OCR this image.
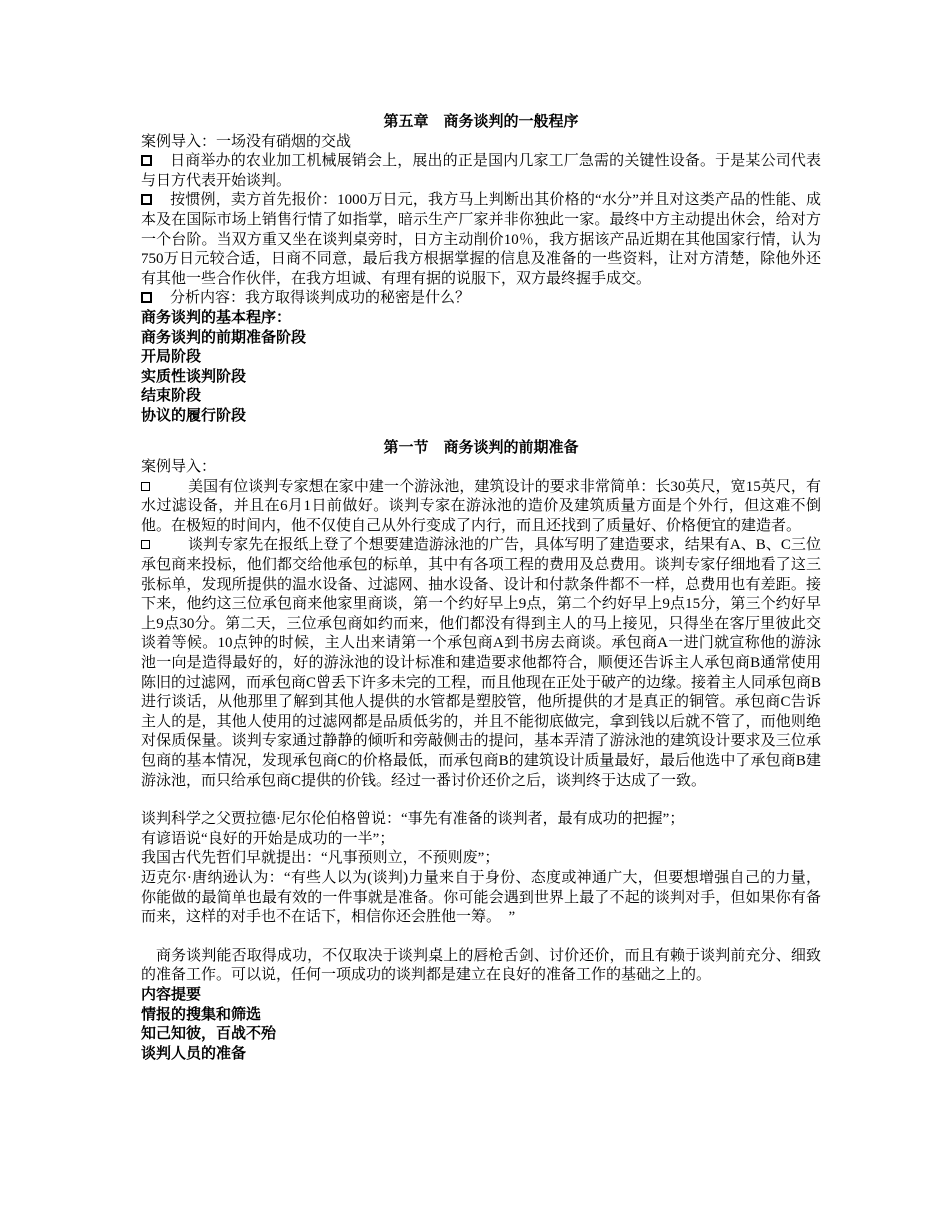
第五章　商务谈判的一般程序

案例导入：一场没有硝烟的交战

日商举办的农业加工机械展销会上，展出的正是国内几家工厂急需的关键性设备。于是某公司代表与日方代表开始谈判。

按惯例，卖方首先报价：1000万日元，我方马上判断出其价格的“水分”并且对这类产品的性能、成本及在国际市场上销售行情了如指掌，暗示生产厂家并非你独此一家。最终中方主动提出休会，给对方一个台阶。当双方重又坐在谈判桌旁时，日方主动削价10％，我方据该产品近期在其他国家行情，认为750万日元较合适，日商不同意，最后我方根据掌握的信息及准备的一些资料，让对方清楚，除他外还有其他一些合作伙伴，在我方坦诚、有理有据的说服下，双方最终握手成交。

分析内容：我方取得谈判成功的秘密是什么？

商务谈判的基本程序：

商务谈判的前期准备阶段

开局阶段

实质性谈判阶段

结束阶段

协议的履行阶段

第一节　商务谈判的前期准备

案例导入：

美国有位谈判专家想在家中建一个游泳池，建筑设计的要求非常简单：长30英尺，宽15英尺，有水过滤设备，并且在6月1日前做好。谈判专家在游泳池的造价及建筑质量方面是个外行，但这难不倒他。在极短的时间内，他不仅使自己从外行变成了内行，而且还找到了质量好、价格便宜的建造者。

谈判专家先在报纸上登了个想要建造游泳池的广告，具体写明了建造要求，结果有A、B、C三位承包商来投标，他们都交给他承包的标单，其中有各项工程的费用及总费用。谈判专家仔细地看了这三张标单，发现所提供的温水设备、过滤网、抽水设备、设计和付款条件都不一样，总费用也有差距。接下来，他约这三位承包商来他家里商谈，第一个约好早上9点，第二个约好早上9点15分，第三个约好早上9点30分。第二天，三位承包商如约而来，他们都没有得到主人的马上接见，只得坐在客厅里彼此交谈着等候。10点钟的时候，主人出来请第一个承包商A到书房去商谈。承包商A一进门就宣称他的游泳池一向是造得最好的，好的游泳池的设计标准和建造要求他都符合，顺便还告诉主人承包商B通常使用陈旧的过滤网，而承包商C曾丢下许多未完的工程，而且他现在正处于破产的边缘。接着主人同承包商B进行谈话，从他那里了解到其他人提供的水管都是塑胶管，他所提供的才是真正的铜管。承包商C告诉主人的是，其他人使用的过滤网都是品质低劣的，并且不能彻底做完，拿到钱以后就不管了，而他则绝对保质保量。谈判专家通过静静的倾听和旁敲侧击的提问，基本弄清了游泳池的建筑设计要求及三位承包商的基本情况，发现承包商C的价格最低，而承包商B的建筑设计质量最好，最后他选中了承包商B建游泳池，而只给承包商C提供的价钱。经过一番讨价还价之后，谈判终于达成了一致。

谈判科学之父贾拉德·尼尔伦伯格曾说：“事先有准备的谈判者，最有成功的把握”；

有谚语说“良好的开始是成功的一半”；

我国古代先哲们早就提出：“凡事预则立，不预则废”；

迈克尔·唐纳逊认为：“有些人以为(谈判)力量来自于身份、态度或神通广大，但要想增强自己的力量，你能做的最简单也最有效的一件事就是准备。你可能会遇到世界上最了不起的谈判对手，但如果你有备而来，这样的对手也不在话下，相信你还会胜他一筹。　”

商务谈判能否取得成功，不仅取决于谈判桌上的唇枪舌剑、讨价还价，而且有赖于谈判前充分、细致的准备工作。可以说，任何一项成功的谈判都是建立在良好的准备工作的基础之上的。

内容提要

情报的搜集和筛选

知己知彼，百战不殆

谈判人员的准备
